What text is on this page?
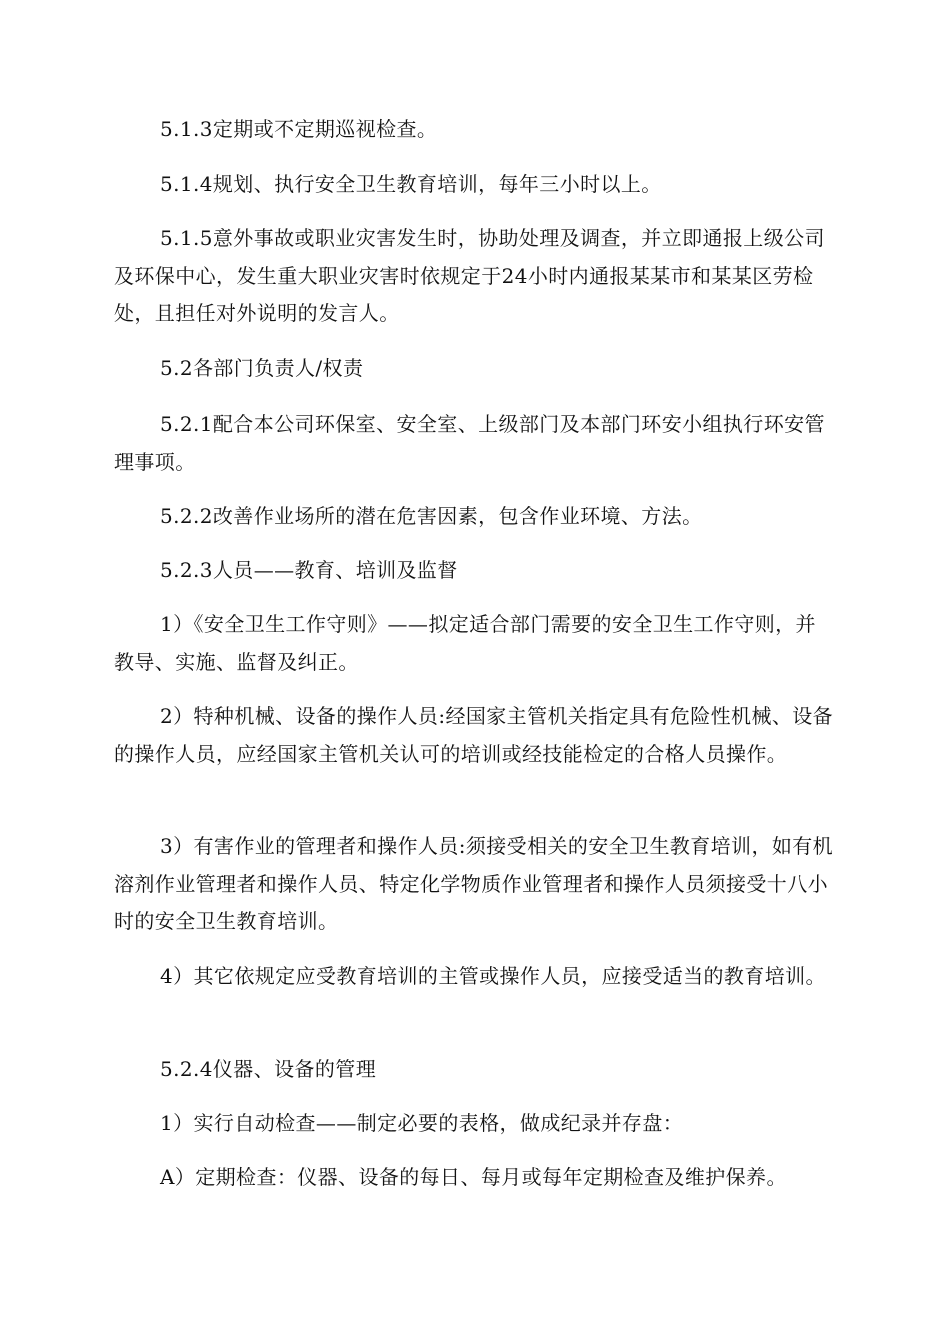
5.1.3定期或不定期巡视检查。

5.1.4规划、执行安全卫生教育培训，每年三小时以上。

5.1.5意外事故或职业灾害发生时，协助处理及调查，并立即通报上级公司及环保中心，发生重大职业灾害时依规定于24小时内通报某某市和某某区劳检处，且担任对外说明的发言人。

5.2各部门负责人/权责

5.2.1配合本公司环保室、安全室、上级部门及本部门环安小组执行环安管理事项。

5.2.2改善作业场所的潜在危害因素，包含作业环境、方法。

5.2.3人员——教育、培训及监督

1）《安全卫生工作守则》——拟定适合部门需要的安全卫生工作守则，并教导、实施、监督及纠正。

2）特种机械、设备的操作人员:经国家主管机关指定具有危险性机械、设备的操作人员，应经国家主管机关认可的培训或经技能检定的合格人员操作。

3）有害作业的管理者和操作人员:须接受相关的安全卫生教育培训，如有机溶剂作业管理者和操作人员、特定化学物质作业管理者和操作人员须接受十八小时的安全卫生教育培训。

4）其它依规定应受教育培训的主管或操作人员，应接受适当的教育培训。

5.2.4仪器、设备的管理

1）实行自动检查——制定必要的表格，做成纪录并存盘：

A）定期检查：仪器、设备的每日、每月或每年定期检查及维护保养。
